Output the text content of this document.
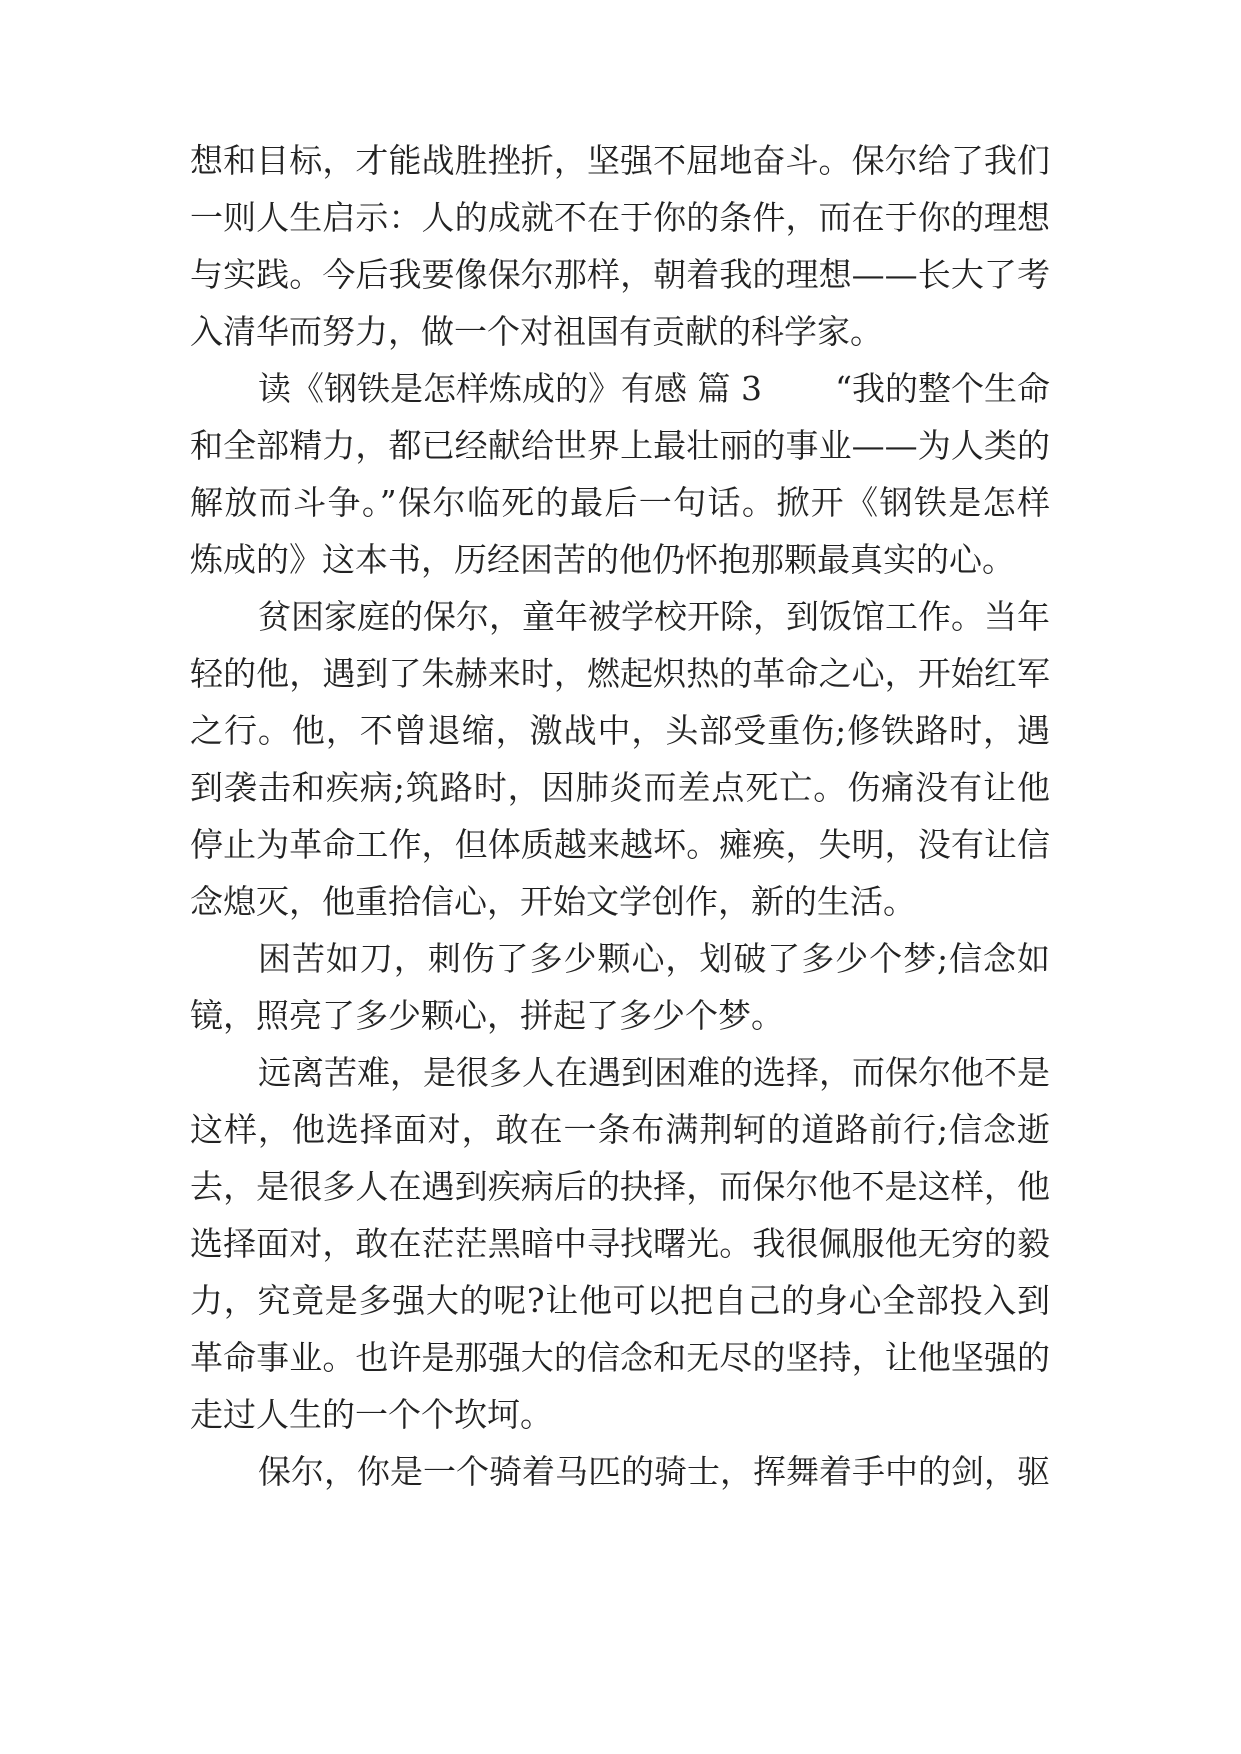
想和目标，才能战胜挫折，坚强不屈地奋斗。保尔给了我们
一则人生启示：人的成就不在于你的条件，而在于你的理想
与实践。今后我要像保尔那样，朝着我的理想——长大了考
入清华而努力，做一个对祖国有贡献的科学家。
读《钢铁是怎样炼成的》有感 篇 3 “我的整个生命
和全部精力，都已经献给世界上最壮丽的事业——为人类的
解放而斗争。”保尔临死的最后一句话。掀开《钢铁是怎样
炼成的》这本书，历经困苦的他仍怀抱那颗最真实的心。
贫困家庭的保尔，童年被学校开除，到饭馆工作。当年
轻的他，遇到了朱赫来时，燃起炽热的革命之心，开始红军
之行。他，不曾退缩，激战中，头部受重伤;修铁路时，遇
到袭击和疾病;筑路时，因肺炎而差点死亡。伤痛没有让他
停止为革命工作，但体质越来越坏。瘫痪，失明，没有让信
念熄灭，他重拾信心，开始文学创作，新的生活。
困苦如刀，刺伤了多少颗心，划破了多少个梦;信念如
镜，照亮了多少颗心，拼起了多少个梦。
远离苦难，是很多人在遇到困难的选择，而保尔他不是
这样，他选择面对，敢在一条布满荆轲的道路前行;信念逝
去，是很多人在遇到疾病后的抉择，而保尔他不是这样，他
选择面对，敢在茫茫黑暗中寻找曙光。我很佩服他无穷的毅
力，究竟是多强大的呢?让他可以把自己的身心全部投入到
革命事业。也许是那强大的信念和无尽的坚持，让他坚强的
走过人生的一个个坎坷。
保尔，你是一个骑着马匹的骑士，挥舞着手中的剑，驱
